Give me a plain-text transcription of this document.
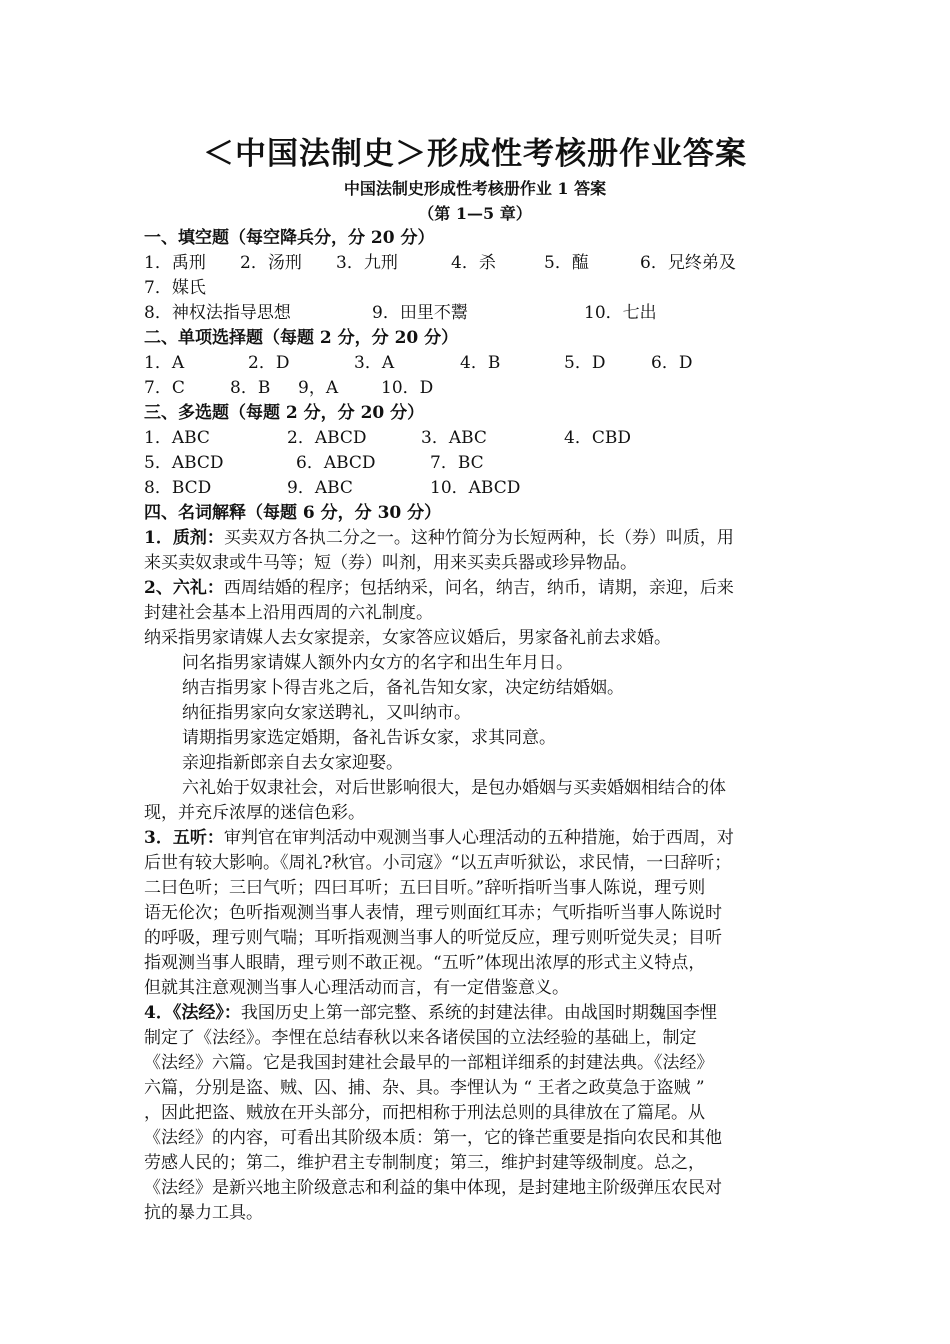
＜中国法制史＞形成性考核册作业答案
中国法制史形成性考核册作业 1 答案
（第 1—5 章）
一、填空题（每空降兵分，分 20 分）
1．禹刑 2．汤刑 3．九刑	4．杀	5．醢	6．兄终弟及
7．媒氏
8．神权法指导思想	9．田里不鬻	10．七出
二、单项选择题（每题 2 分，分 20 分）
1．A	2．D	3．A	4．B	5．D	6．D
7．C	8．B 9，A	10．D
三、多选题（每题 2 分，分 20 分）
1．ABC	2．ABCD	3．ABC	4．CBD
5．ABCD	6．ABCD	7．BC
8．BCD	9．ABC	10．ABCD
四、名词解释（每题 6 分，分 30 分）
1．质剂：买卖双方各执二分之一。这种竹简分为长短两种，长（券）叫质，用
来买卖奴隶或牛马等；短（券）叫剂，用来买卖兵器或珍异物品。
2、六礼：西周结婚的程序；包括纳采，问名，纳吉，纳币，请期，亲迎，后来
封建社会基本上沿用西周的六礼制度。
纳采指男家请媒人去女家提亲，女家答应议婚后，男家备礼前去求婚。
问名指男家请媒人额外内女方的名字和出生年月日。
纳吉指男家卜得吉兆之后，备礼告知女家，决定纺结婚姻。
纳征指男家向女家送聘礼，又叫纳市。
请期指男家选定婚期，备礼告诉女家，求其同意。
亲迎指新郎亲自去女家迎娶。
六礼始于奴隶社会，对后世影响很大，是包办婚姻与买卖婚姻相结合的体
现，并充斥浓厚的迷信色彩。
3．五听：审判官在审判活动中观测当事人心理活动的五种措施，始于西周，对
后世有较大影响。《周礼?秋官。小司寇》“以五声听狱讼，求民情，一曰辞听；
二曰色听；三曰气听；四曰耳听；五曰目听。”辞听指听当事人陈说，理亏则
语无伦次；色听指观测当事人表情，理亏则面红耳赤；气听指听当事人陈说时
的呼吸，理亏则气喘；耳听指观测当事人的听觉反应，理亏则听觉失灵；目听
指观测当事人眼睛，理亏则不敢正视。“五听”体现出浓厚的形式主义特点，
但就其注意观测当事人心理活动而言，有一定借鉴意义。
4．《法经》：我国历史上第一部完整、系统的封建法律。由战国时期魏国李悝
制定了《法经》。李悝在总结春秋以来各诸侯国的立法经验的基础上，制定
《法经》六篇。它是我国封建社会最早的一部粗详细系的封建法典。《法经》
六篇，分别是盗、贼、囚、捕、杂、具。李悝认为 “ 王者之政莫急于盗贼 ”
，因此把盗、贼放在开头部分，而把相称于刑法总则的具律放在了篇尾。从
《法经》的内容，可看出其阶级本质：第一，它的锋芒重要是指向农民和其他
劳感人民的；第二，维护君主专制制度；第三，维护封建等级制度。总之，
《法经》是新兴地主阶级意志和利益的集中体现，是封建地主阶级弹压农民对
抗的暴力工具。
